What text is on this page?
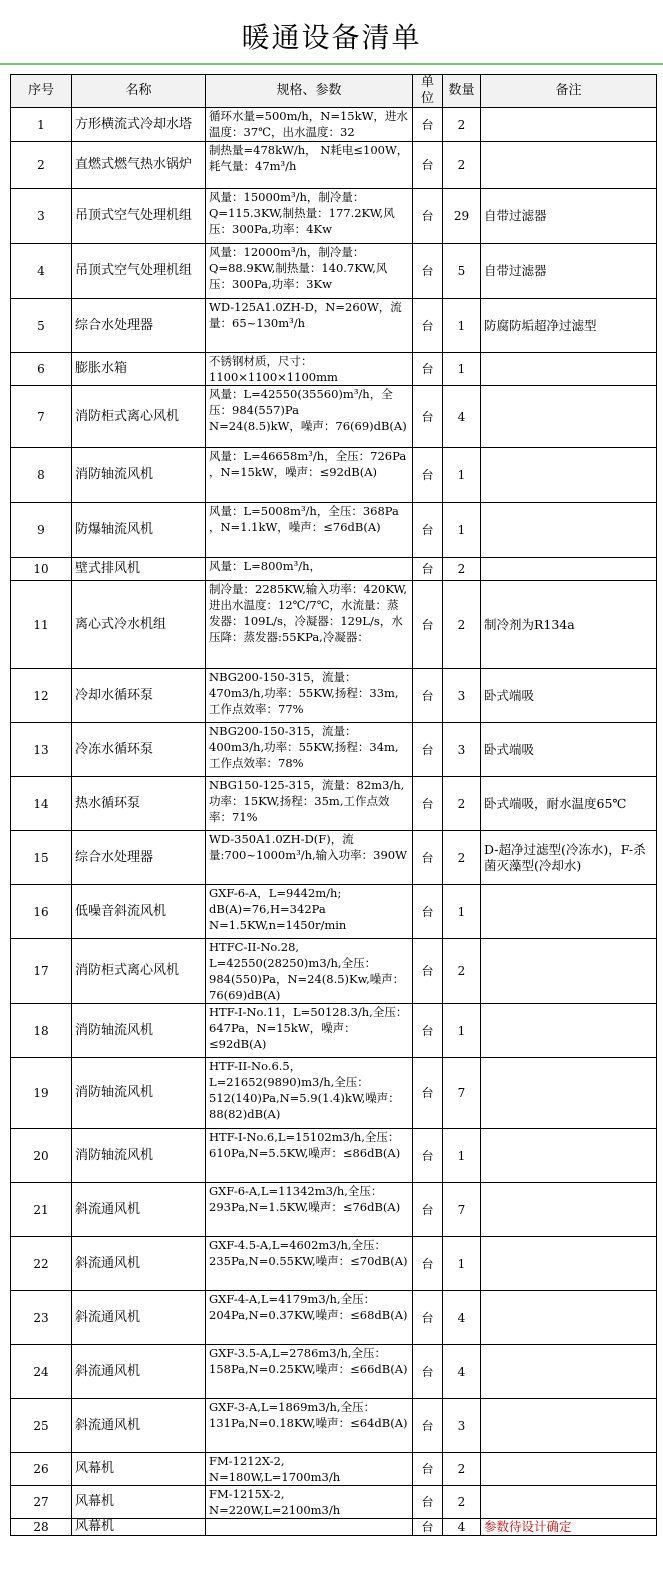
暖通设备清单
序号	名称	规格、参数	单位	数量	备注
1	方形横流式冷却水塔	循环水量=500m/h，N=15kW，进水温度：37℃，出水温度：32	台	2	
2	直燃式燃气热水锅炉	制热量=478kW/h， N耗电≤100W，耗气量：47m³/h	台	2	
3	吊顶式空气处理机组	风量：15000m³/h，制冷量：Q=115.3KW,制热量：177.2KW,风压：300Pa,功率：4Kw	台	29	自带过滤器
4	吊顶式空气处理机组	风量：12000m³/h，制冷量：Q=88.9KW,制热量：140.7KW,风压：300Pa,功率：3Kw	台	5	自带过滤器
5	综合水处理器	WD-125A1.0ZH-D，N=260W，流量：65~130m³/h	台	1	防腐防垢超净过滤型
6	膨胀水箱	不锈钢材质，尺寸：1100×1100×1100mm	台	1	
7	消防柜式离心风机	风量：L=42550(35560)m³/h，全压：984(557)Pa
N=24(8.5)kW，噪声：76(69)dB(A)	台	4	
8	消防轴流风机	风量：L=46658m³/h，全压：726Pa ，N=15kW，噪声：≤92dB(A)	台	1	
9	防爆轴流风机	风量：L=5008m³/h，全压：368Pa ，N=1.1kW，噪声：≤76dB(A)	台	1	
10	壁式排风机	风量：L=800m³/h，	台	2	
11	离心式冷水机组	制冷量：2285KW,输入功率：420KW,进出水温度：12℃/7℃，水流量：蒸发器：109L/s，冷凝器：129L/s，水压降：蒸发器:55KPa,冷凝器：	台	2	制冷剂为R134a
12	冷却水循环泵	NBG200-150-315，流量：470m3/h,功率：55KW,扬程：33m,工作点效率：77%	台	3	卧式端吸
13	冷冻水循环泵	NBG200-150-315，流量：400m3/h,功率：55KW,扬程：34m,工作点效率：78%	台	3	卧式端吸
14	热水循环泵	NBG150-125-315，流量：82m3/h,功率：15KW,扬程：35m,工作点效率：71%	台	2	卧式端吸，耐水温度65℃
15	综合水处理器	WD-350A1.0ZH-D(F)，流量:700~1000m³/h,输入功率：390W	台	2	D-超净过滤型(冷冻水)，F-杀菌灭藻型(冷却水)
16	低噪音斜流风机	GXF-6-A，L=9442m/h;
dB(A)=76,H=342Pa
N=1.5KW,n=1450r/min	台	1	
17	消防柜式离心风机	HTFC-II-No.28,
L=42550(28250)m3/h,全压：984(550)Pa，N=24(8.5)Kw,噪声：76(69)dB(A)	台	2	
18	消防轴流风机	HTF-I-No.11，L=50128.3/h,全压：647Pa，N=15kW，噪声：≤92dB(A)	台	1	
19	消防轴流风机	HTF-II-No.6.5，
L=21652(9890)m3/h,全压：512(140)Pa,N=5.9(1.4)kW,噪声：88(82)dB(A)	台	7	
20	消防轴流风机	HTF-I-No.6,L=15102m3/h,全压：610Pa,N=5.5KW,噪声：≤86dB(A)	台	1	
21	斜流通风机	GXF-6-A,L=11342m3/h,全压：293Pa,N=1.5KW,噪声：≤76dB(A)	台	7	
22	斜流通风机	GXF-4.5-A,L=4602m3/h,全压：235Pa,N=0.55KW,噪声：≤70dB(A)	台	1	
23	斜流通风机	GXF-4-A,L=4179m3/h,全压：204Pa,N=0.37KW,噪声：≤68dB(A)	台	4	
24	斜流通风机	GXF-3.5-A,L=2786m3/h,全压：158Pa,N=0.25KW,噪声：≤66dB(A)	台	4	
25	斜流通风机	GXF-3-A,L=1869m3/h,全压：131Pa,N=0.18KW,噪声：≤64dB(A)	台	3	
26	风幕机	FM-1212X-2,
N=180W,L=1700m3/h	台	2	
27	风幕机	FM-1215X-2,
N=220W,L=2100m3/h	台	2	
28	风幕机		台	4	参数待设计确定
